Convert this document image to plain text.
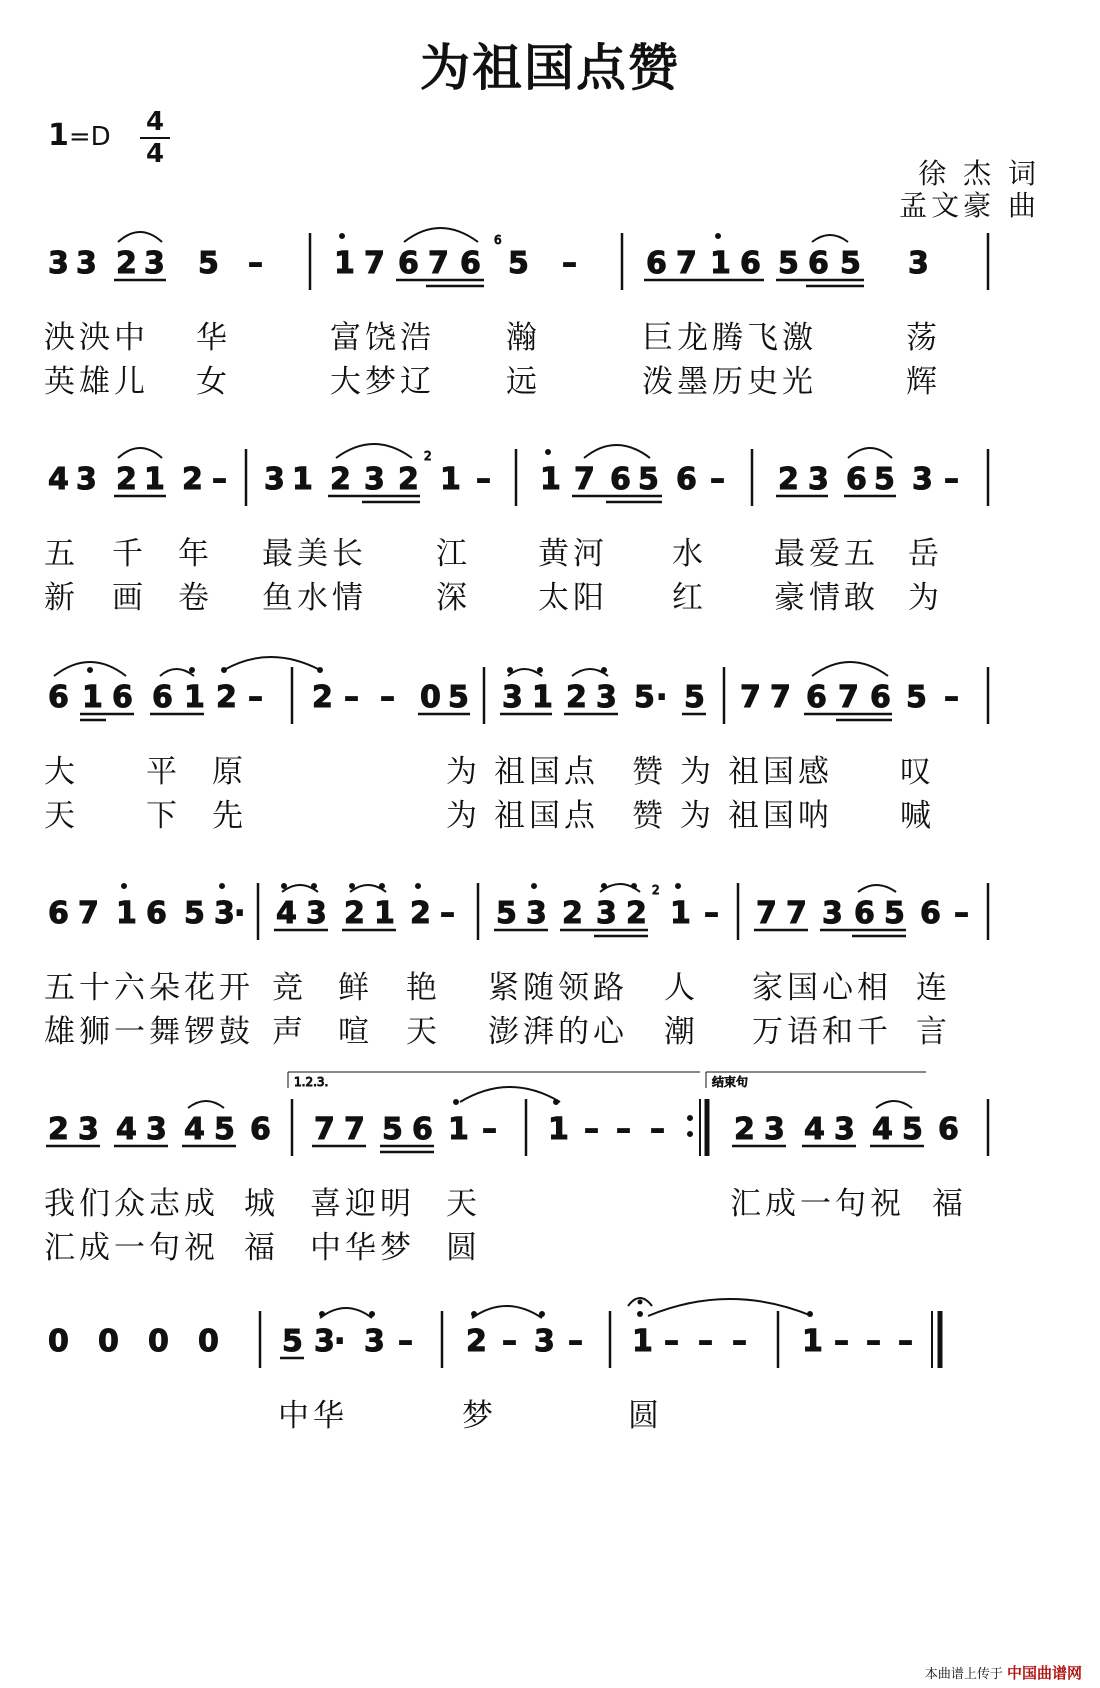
为祖国点赞
1=D 4
4
徐 杰 词
孟文豪 曲
3 3 2 3 5 – 1 7 6 7 6
6
5 – 6 7 1 6 5 6 5 3
泱泱中 华	富饶浩 瀚	巨龙腾飞激	荡
英雄儿 女	大梦辽 远	泼墨历史光	辉
4 3 2 1 2 – 3 1 2 3 2
2
1 – 1 7 6 5 6 – 2 3 6 5 3 –
五 千 年 最美长 江 黄河 水 最爱五 岳
新 画 卷 鱼水情 深 太阳 红 豪情敢 为
6 1 6 6 1 2 – 2 – – 0 5 3 1 2 3 5 · 5 7 7 6 7 6 5 –
大 平 原	为 祖国点 赞 为 祖国感 叹
天 下 先	为 祖国点 赞 为 祖国呐 喊
6 7 1 6 5 3 · 4 3 2 1 2 – 5 3 2 3 2
2
1 – 7 7 3 6 5 6 –
五十六朵花开 竞 鲜 艳 紧随领路 人 家国心相 连
雄狮一舞锣鼓 声 喧 天 澎湃的心 潮 万语和千 言
1.2.3.	结束句
2 3 4 3 4 5 6 7 7 5 6 1 – 1 – – – 2 3 4 3 4 5 6
我们众志成 城 喜迎明 天	汇成一句祝 福
汇成一句祝 福 中华梦 圆
0 0 0 0 5 3 · 3 – 2 – 3 – 1 – – – 1 – – –
中华	梦	圆
本曲谱上传于 中国曲谱网
